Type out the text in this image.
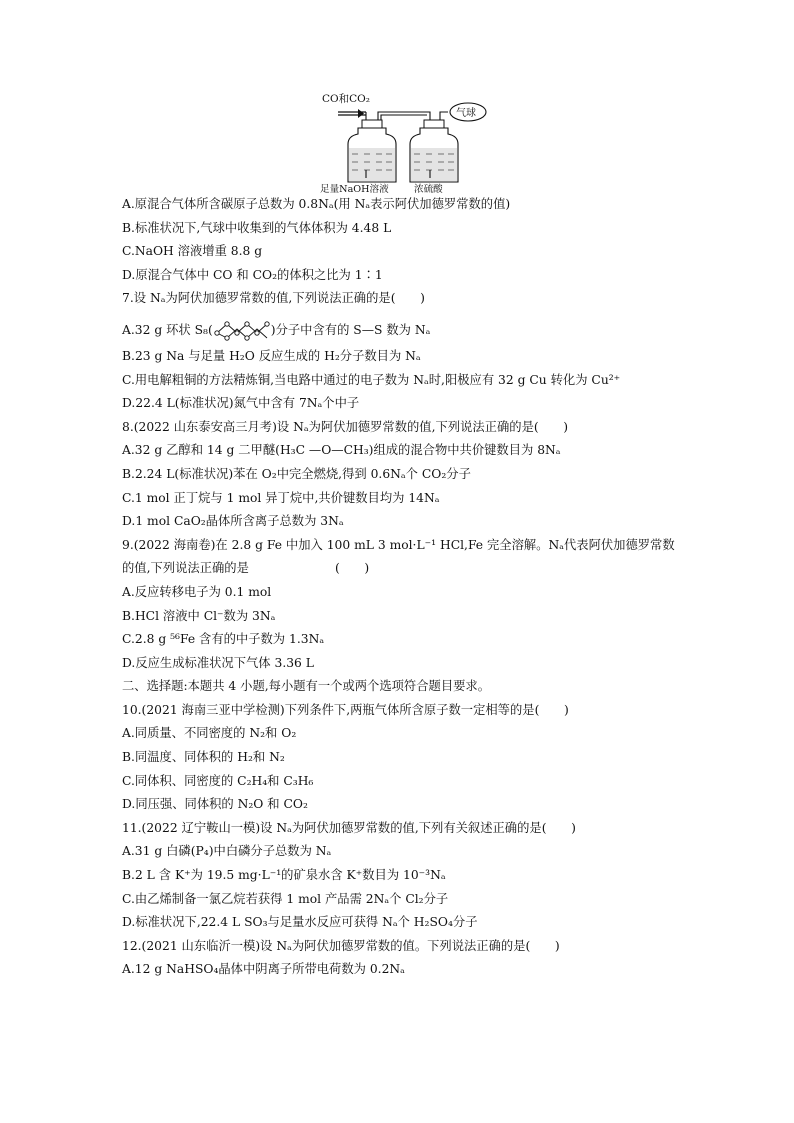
CO和CO₂
气球
足量NaOH溶液	浓硫酸
A.原混合气体所含碳原子总数为 0.8Nₐ(用 Nₐ表示阿伏加德罗常数的值)
B.标准状况下,气球中收集到的气体体积为 4.48 L
C.NaOH 溶液增重 8.8 g
D.原混合气体中 CO 和 CO₂的体积之比为 1∶1
7.设 Nₐ为阿伏加德罗常数的值,下列说法正确的是(　　)
A.32 g 环状 S₈(	)分子中含有的 S—S 数为 Nₐ
B.23 g Na 与足量 H₂O 反应生成的 H₂分子数目为 Nₐ
C.用电解粗铜的方法精炼铜,当电路中通过的电子数为 Nₐ时,阳极应有 32 g Cu 转化为 Cu²⁺
D.22.4 L(标准状况)氮气中含有 7Nₐ个中子
8.(2022 山东泰安高三月考)设 Nₐ为阿伏加德罗常数的值,下列说法正确的是(　　)
A.32 g 乙醇和 14 g 二甲醚(H₃C —O—CH₃)组成的混合物中共价键数目为 8Nₐ
B.2.24 L(标准状况)苯在 O₂中完全燃烧,得到 0.6Nₐ个 CO₂分子
C.1 mol 正丁烷与 1 mol 异丁烷中,共价键数目均为 14Nₐ
D.1 mol CaO₂晶体所含离子总数为 3Nₐ
9.(2022 海南卷)在 2.8 g Fe 中加入 100 mL 3 mol·L⁻¹ HCl,Fe 完全溶解。Nₐ代表阿伏加德罗常数
的值,下列说法正确的是　　　　　　　(　　)
A.反应转移电子为 0.1 mol
B.HCl 溶液中 Cl⁻数为 3Nₐ
C.2.8 g ⁵⁶Fe 含有的中子数为 1.3Nₐ
D.反应生成标准状况下气体 3.36 L
二、选择题:本题共 4 小题,每小题有一个或两个选项符合题目要求。
10.(2021 海南三亚中学检测)下列条件下,两瓶气体所含原子数一定相等的是(　　)
A.同质量、不同密度的 N₂和 O₂
B.同温度、同体积的 H₂和 N₂
C.同体积、同密度的 C₂H₄和 C₃H₆
D.同压强、同体积的 N₂O 和 CO₂
11.(2022 辽宁鞍山一模)设 Nₐ为阿伏加德罗常数的值,下列有关叙述正确的是(　　)
A.31 g 白磷(P₄)中白磷分子总数为 Nₐ
B.2 L 含 K⁺为 19.5 mg·L⁻¹的矿泉水含 K⁺数目为 10⁻³Nₐ
C.由乙烯制备一氯乙烷若获得 1 mol 产品需 2Nₐ个 Cl₂分子
D.标准状况下,22.4 L SO₃与足量水反应可获得 Nₐ个 H₂SO₄分子
12.(2021 山东临沂一模)设 Nₐ为阿伏加德罗常数的值。下列说法正确的是(　　)
A.12 g NaHSO₄晶体中阴离子所带电荷数为 0.2Nₐ
